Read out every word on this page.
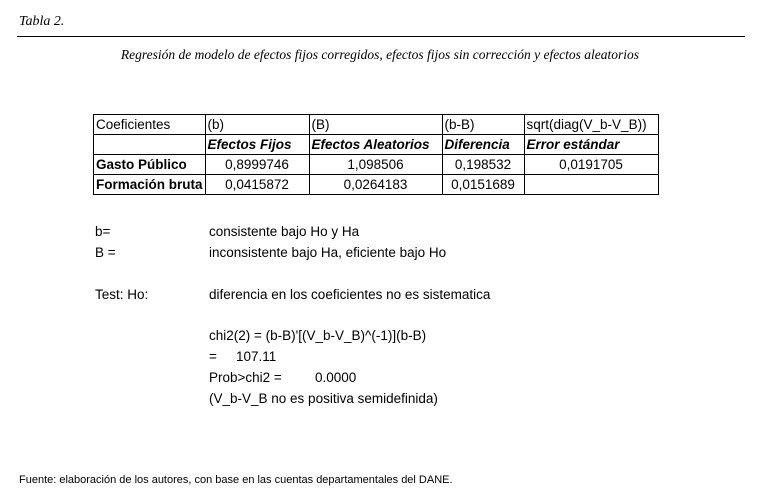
Tabla 2.
Regresión de modelo de efectos fijos corregidos, efectos fijos sin corrección y efectos aleatorios
Coeficientes	(b)	(B)	(b-B)	sqrt(diag(V_b-V_B))
	Efectos Fijos	Efectos Aleatorios	Diferencia	Error estándar
Gasto Público	0,8999746	1,098506	0,198532	0,0191705
Formación bruta	0,0415872	0,0264183	0,0151689	
b=	consistente bajo Ho y Ha
B =	inconsistente bajo Ha, eficiente bajo Ho
Test: Ho:	diferencia en los coeficientes no es sistematica
chi2(2) = (b-B)'[(V_b-V_B)^(-1)](b-B)
= 107.11
Prob>chi2 = 0.0000
(V_b-V_B no es positiva semidefinida)
Fuente: elaboración de los autores, con base en las cuentas departamentales del DANE.
